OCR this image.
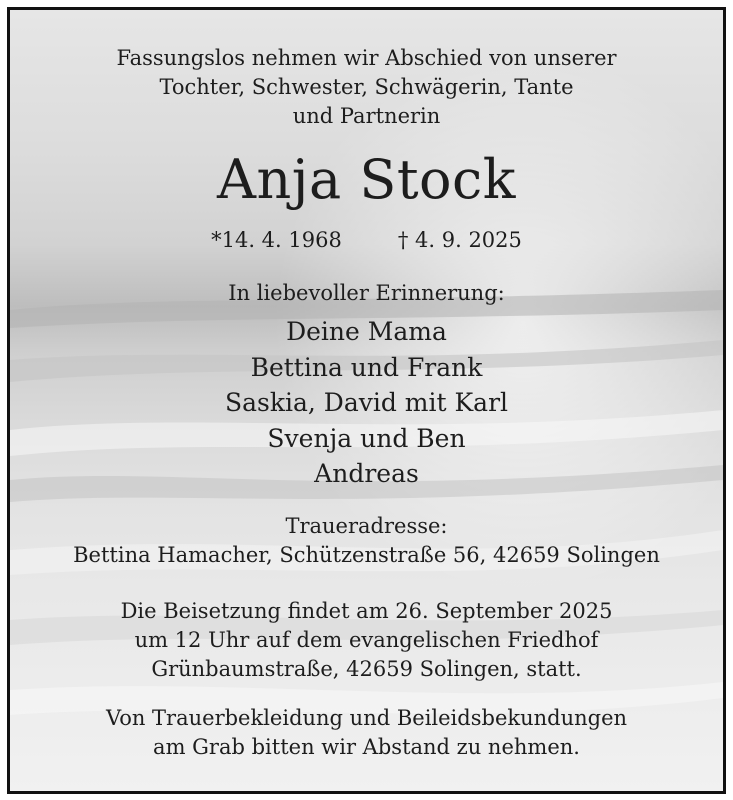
Fassungslos nehmen wir Abschied von unserer
Tochter, Schwester, Schwägerin, Tante
und Partnerin
Anja Stock
*14. 4. 1968	† 4. 9. 2025
In liebevoller Erinnerung:
Deine Mama
Bettina und Frank
Saskia, David mit Karl
Svenja und Ben
Andreas
Traueradresse:
Bettina Hamacher, Schützenstraße 56, 42659 Solingen
Die Beisetzung findet am 26. September 2025
um 12 Uhr auf dem evangelischen Friedhof
Grünbaumstraße, 42659 Solingen, statt.
Von Trauerbekleidung und Beileidsbekundungen
am Grab bitten wir Abstand zu nehmen.
